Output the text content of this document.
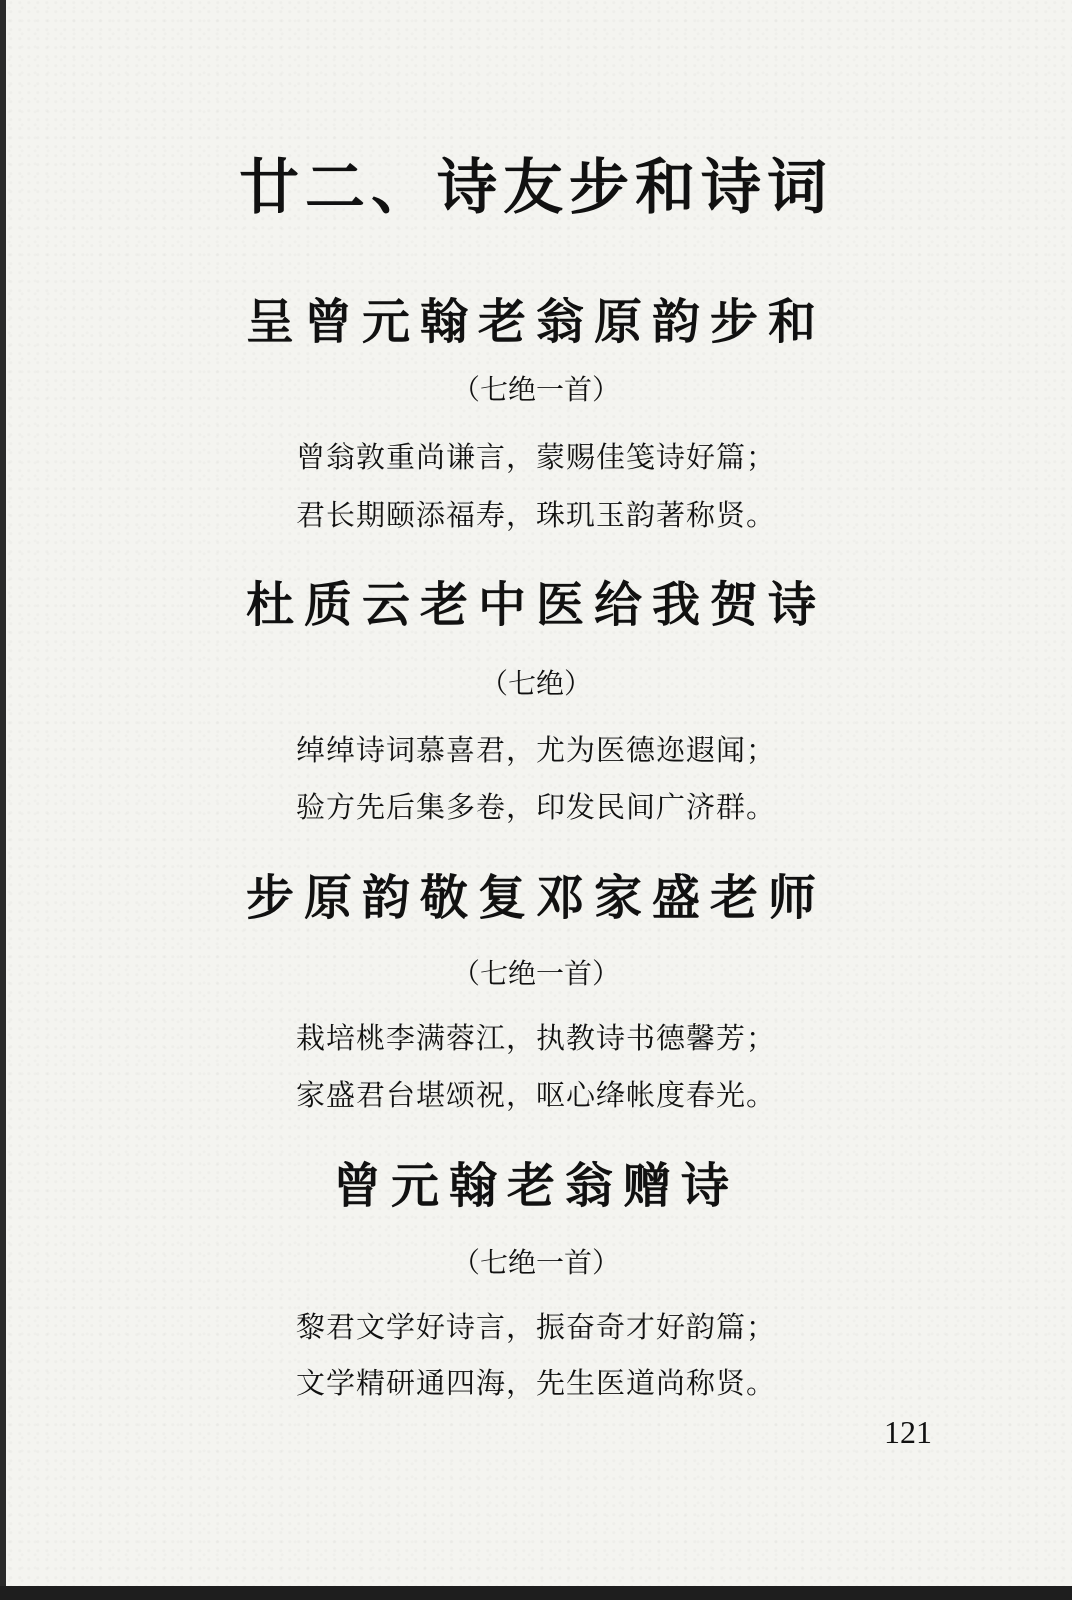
廿二、诗友步和诗词
呈曾元翰老翁原韵步和
（七绝一首）
曾翁敦重尚谦言，蒙赐佳笺诗好篇；
君长期颐添福寿，珠玑玉韵著称贤。
杜质云老中医给我贺诗
（七绝）
绰绰诗词慕喜君，尤为医德迩遐闻；
验方先后集多卷，印发民间广济群。
步原韵敬复邓家盛老师
（七绝一首）
栽培桃李满蓉江，执教诗书德馨芳；
家盛君台堪颂祝，呕心绛帐度春光。
曾元翰老翁赠诗
（七绝一首）
黎君文学好诗言，振奋奇才好韵篇；
文学精研通四海，先生医道尚称贤。
121
